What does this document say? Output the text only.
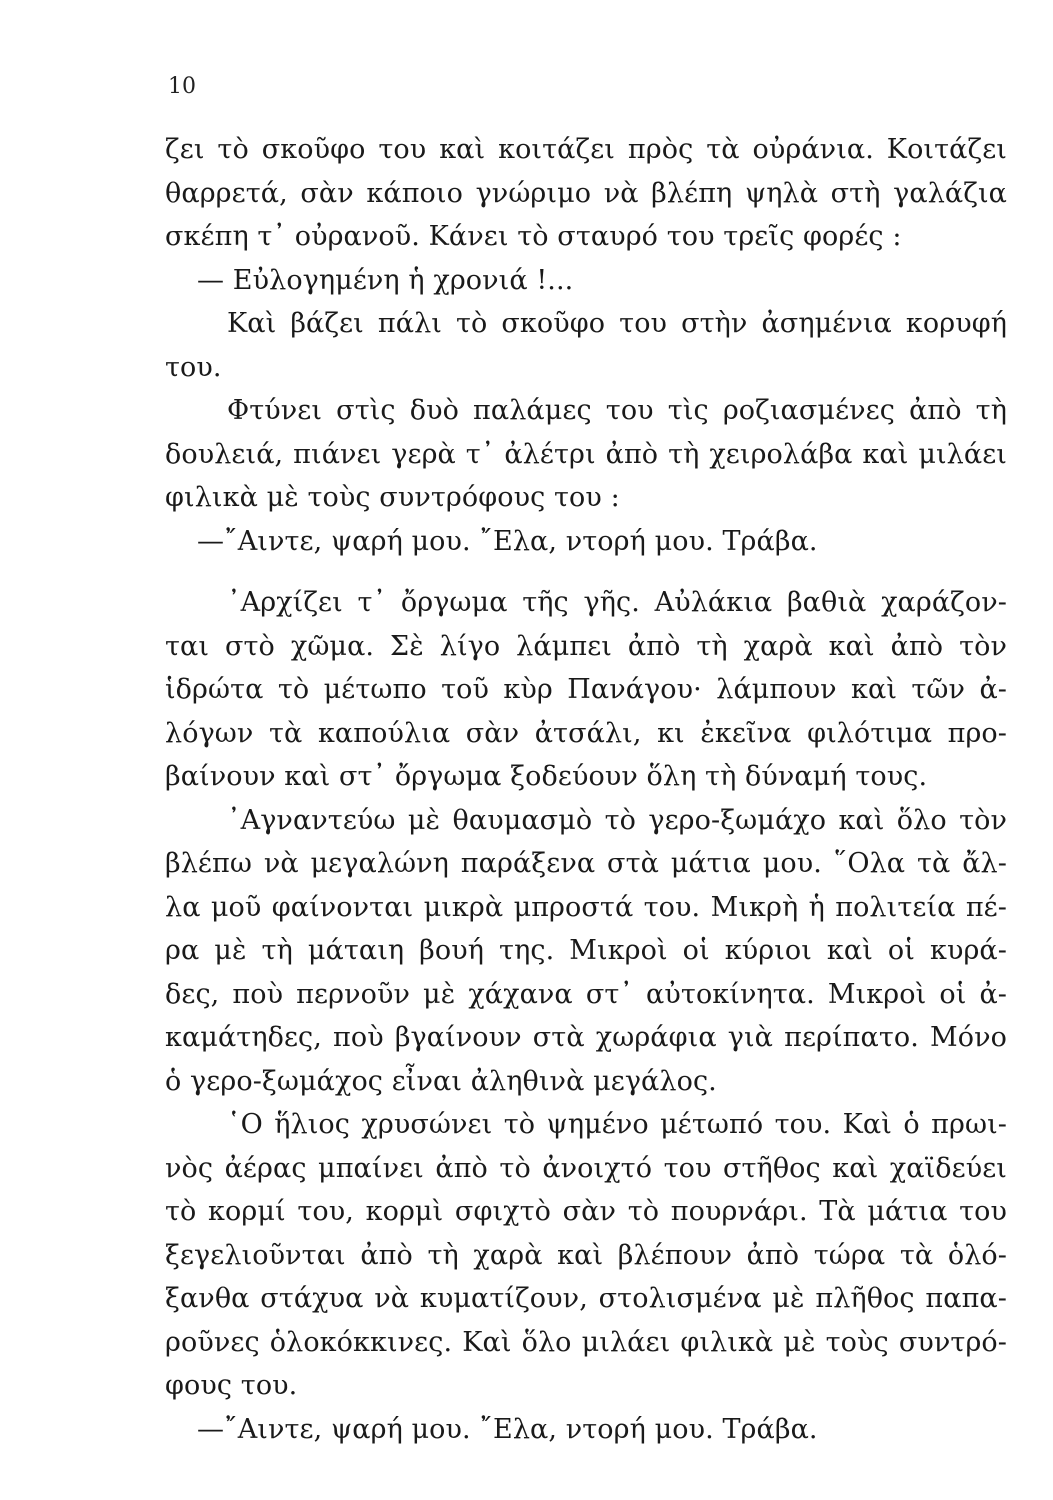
10
ζει τὸ σκοῦφο του καὶ κοιτάζει πρὸς τὰ οὐράνια. Κοιτάζει
θαρρετά, σὰν κάποιο γνώριμο νὰ βλέπη ψηλὰ στὴ γαλάζια
σκέπη τ᾿ οὐρανοῦ. Κάνει τὸ σταυρό του τρεῖς φορές :
— Εὐλογημένη ἡ χρονιά !...
Καὶ βάζει πάλι τὸ σκοῦφο του στὴν ἀσημένια κορυφή
του.
Φτύνει στὶς δυὸ παλάμες του τὶς ροζιασμένες ἀπὸ τὴ
δουλειά, πιάνει γερὰ τ᾿ ἀλέτρι ἀπὸ τὴ χειρολάβα καὶ μιλάει
φιλικὰ μὲ τοὺς συντρόφους του :
—῎Αιντε, ψαρή μου. ῎Ελα, ντορή μου. Τράβα.
᾿Αρχίζει τ᾿ ὄργωμα τῆς γῆς. Αὐλάκια βαθιὰ χαράζον-
ται στὸ χῶμα. Σὲ λίγο λάμπει ἀπὸ τὴ χαρὰ καὶ ἀπὸ τὸν
ἱδρώτα τὸ μέτωπο τοῦ κὺρ Πανάγου· λάμπουν καὶ τῶν ἀ-
λόγων τὰ καπούλια σὰν ἀτσάλι, κι ἐκεῖνα φιλότιμα προ-
βαίνουν καὶ στ᾿ ὄργωμα ξοδεύουν ὅλη τὴ δύναμή τους.
᾿Αγναντεύω μὲ θαυμασμὸ τὸ γερο-ξωμάχο καὶ ὅλο τὸν
βλέπω νὰ μεγαλώνη παράξενα στὰ μάτια μου. ῞Ολα τὰ ἄλ-
λα μοῦ φαίνονται μικρὰ μπροστά του. Μικρὴ ἡ πολιτεία πέ-
ρα μὲ τὴ μάταιη βουή της. Μικροὶ οἱ κύριοι καὶ οἱ κυρά-
δες, ποὺ περνοῦν μὲ χάχανα στ᾿ αὐτοκίνητα. Μικροὶ οἱ ἀ-
καμάτηδες, ποὺ βγαίνουν στὰ χωράφια γιὰ περίπατο. Μόνο
ὁ γερο-ξωμάχος εἶναι ἀληθινὰ μεγάλος.
῾Ο ἥλιος χρυσώνει τὸ ψημένο μέτωπό του. Καὶ ὁ πρωι-
νὸς ἀέρας μπαίνει ἀπὸ τὸ ἀνοιχτό του στῆθος καὶ χαϊδεύει
τὸ κορμί του, κορμὶ σφιχτὸ σὰν τὸ πουρνάρι. Τὰ μάτια του
ξεγελιοῦνται ἀπὸ τὴ χαρὰ καὶ βλέπουν ἀπὸ τώρα τὰ ὁλό-
ξανθα στάχυα νὰ κυματίζουν, στολισμένα μὲ πλῆθος παπα-
ροῦνες ὁλοκόκκινες. Καὶ ὅλο μιλάει φιλικὰ μὲ τοὺς συντρό-
φους του.
—῎Αιντε, ψαρή μου. ῎Ελα, ντορή μου. Τράβα.
